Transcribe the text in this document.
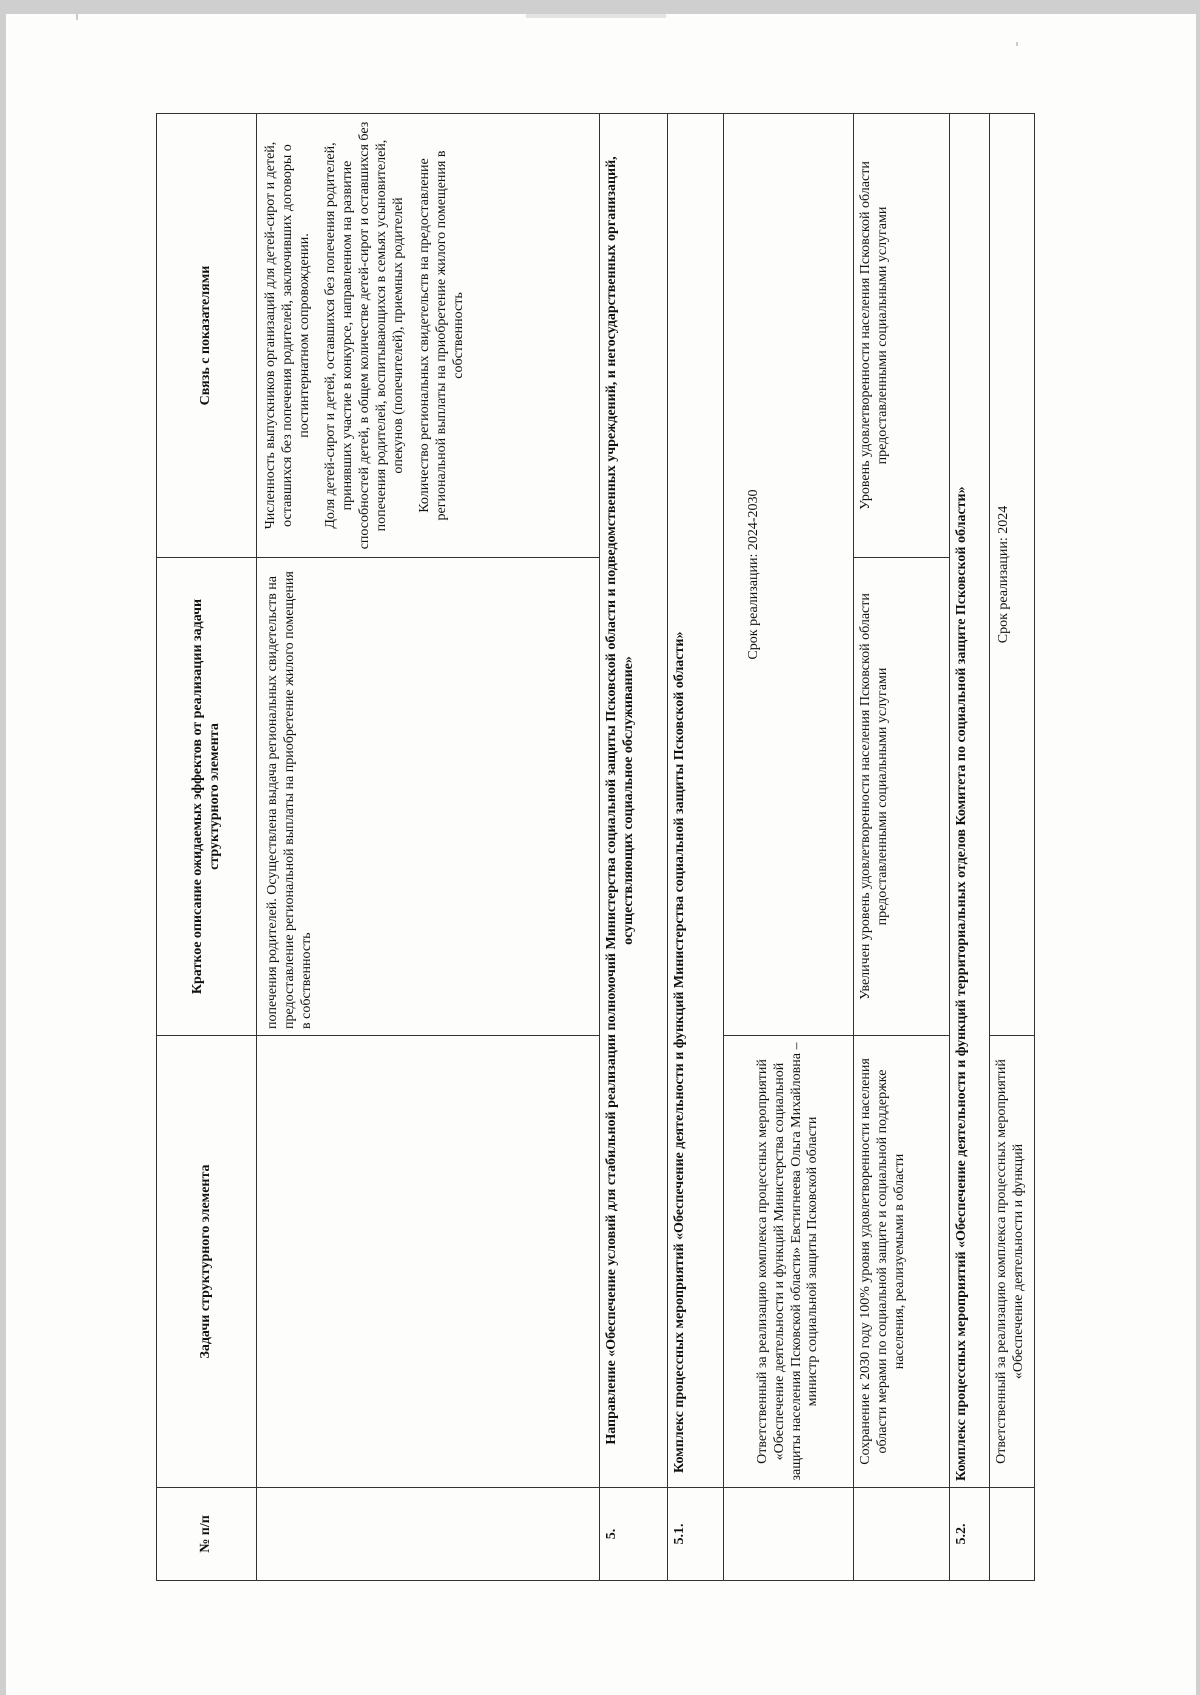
№ п/п	Задачи структурного элемента	Краткое описание ожидаемых эффектов от реализации задачи структурного элемента	Связь с показателями
		попечения родителей. Осуществлена выдача региональных свидетельств на предоставление региональной выплаты на приобретение жилого помещения в собственность	Численность выпускников организаций для детей-сирот и детей, оставшихся без попечения родителей, заключивших договоры о постинтернатном сопровождении. Доля детей-сирот и детей, оставшихся без попечения родителей, принявших участие в конкурсе, направленном на развитие способностей детей, в общем количестве детей-сирот и оставшихся без попечения родителей, воспитывающихся в семьях усыновителей, опекунов (попечителей), приемных родителей Количество региональных свидетельств на предоставление региональной выплаты на приобретение жилого помещения в собственность

5.	Направление «Обеспечение условий для стабильной реализации полномочий Министерства социальной защиты Псковской области и подведомственных учреждений, и негосударственных организаций, осуществляющих социальное обслуживание»		
5.1.	Комплекс процессных мероприятий «Обеспечение деятельности и функций Министерства социальной защиты Псковской области»		
	Ответственный за реализацию комплекса процессных мероприятий «Обеспечение деятельности и функций Министерства социальной защиты населения Псковской области» Евстигнеева Ольга Михайловна – министр социальной защиты Псковской области	Срок реализации: 2024-2030	
	Сохранение к 2030 году 100% уровня удовлетворенности населения области мерами по социальной защите и социальной поддержке населения, реализуемыми в области	Увеличен уровень удовлетворенности населения Псковской области предоставленными социальными услугами	Уровень удовлетворенности населения Псковской области предоставленными социальными услугами
5.2.	Комплекс процессных мероприятий «Обеспечение деятельности и функций территориальных отделов Комитета по социальной защите Псковской области»		
	Ответственный за реализацию комплекса процессных мероприятий «Обеспечение деятельности и функций	Срок реализации: 2024	
